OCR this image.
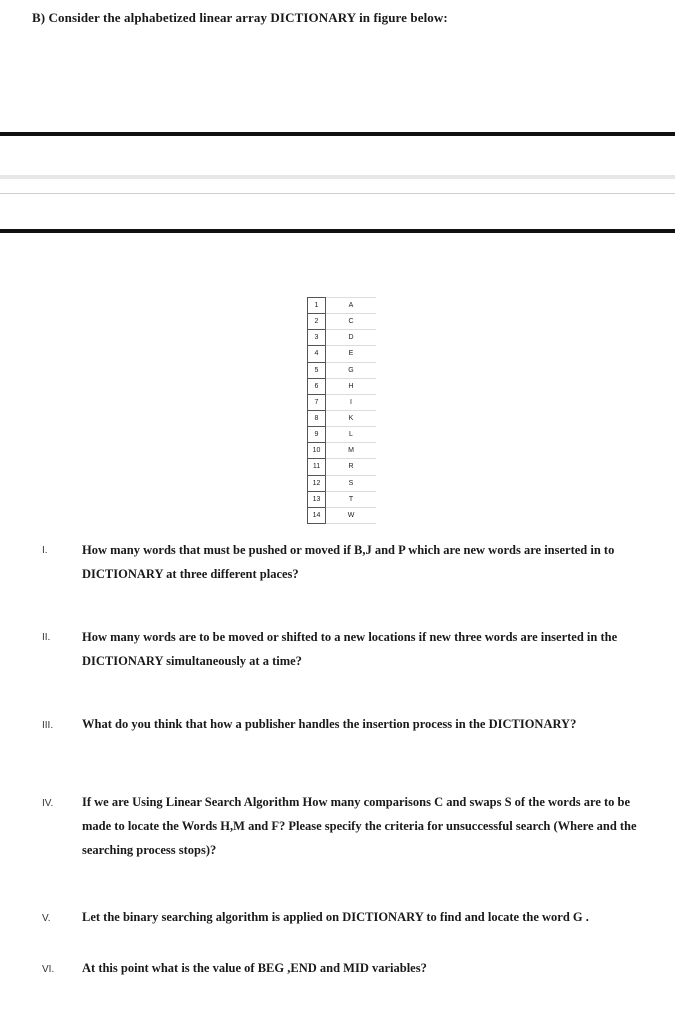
B) Consider the alphabetized linear array DICTIONARY in figure below:
1	A
2	C
3	D
4	E
5	G
6	H
7	I
8	K
9	L
10	M
11	R
12	S
13	T
14	W
I.	How many words that must be pushed or moved if B,J and P which are new words are inserted in to DICTIONARY at three different places?
II.	How many words are to be moved or shifted to a new locations if new three words are inserted in the DICTIONARY simultaneously at a time?
III. What do you think that how a publisher handles the insertion process in the DICTIONARY?
IV. If we are Using Linear Search Algorithm How many comparisons C and swaps S of the words are to be made to locate the Words H,M and F? Please specify the criteria for unsuccessful search (Where and the searching process stops)?
V.	Let the binary searching algorithm is applied on DICTIONARY to find and locate the word G .
VI. At this point what is the value of BEG ,END and MID variables?
